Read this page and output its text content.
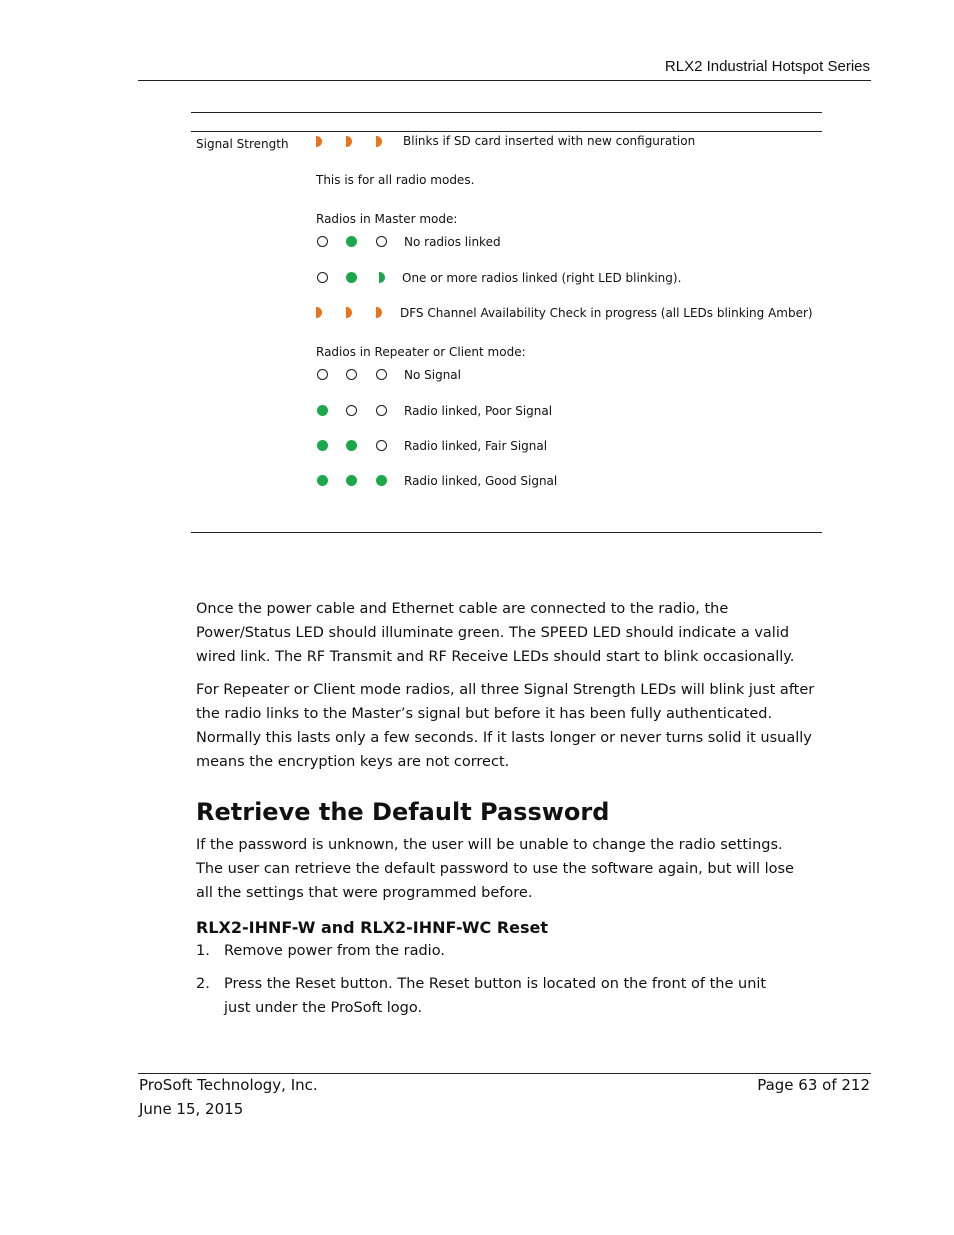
RLX2 Industrial Hotspot Series
Signal Strength	Blinks if SD card inserted with new configuration
This is for all radio modes.
Radios in Master mode:
No radios linked
One or more radios linked (right LED blinking).
DFS Channel Availability Check in progress (all LEDs blinking Amber)
Radios in Repeater or Client mode:
No Signal
Radio linked, Poor Signal
Radio linked, Fair Signal
Radio linked, Good Signal

Once the power cable and Ethernet cable are connected to the radio, the Power/Status LED should illuminate green. The SPEED LED should indicate a valid wired link. The RF Transmit and RF Receive LEDs should start to blink occasionally.

For Repeater or Client mode radios, all three Signal Strength LEDs will blink just after the radio links to the Master’s signal but before it has been fully authenticated. Normally this lasts only a few seconds. If it lasts longer or never turns solid it usually means the encryption keys are not correct.

Retrieve the Default Password

If the password is unknown, the user will be unable to change the radio settings. The user can retrieve the default password to use the software again, but will lose all the settings that were programmed before.

RLX2-IHNF-W and RLX2-IHNF-WC Reset
1. Remove power from the radio.
2. Press the Reset button. The Reset button is located on the front of the unit just under the ProSoft logo.
ProSoft Technology, Inc.
June 15, 2015
Page 63 of 212
